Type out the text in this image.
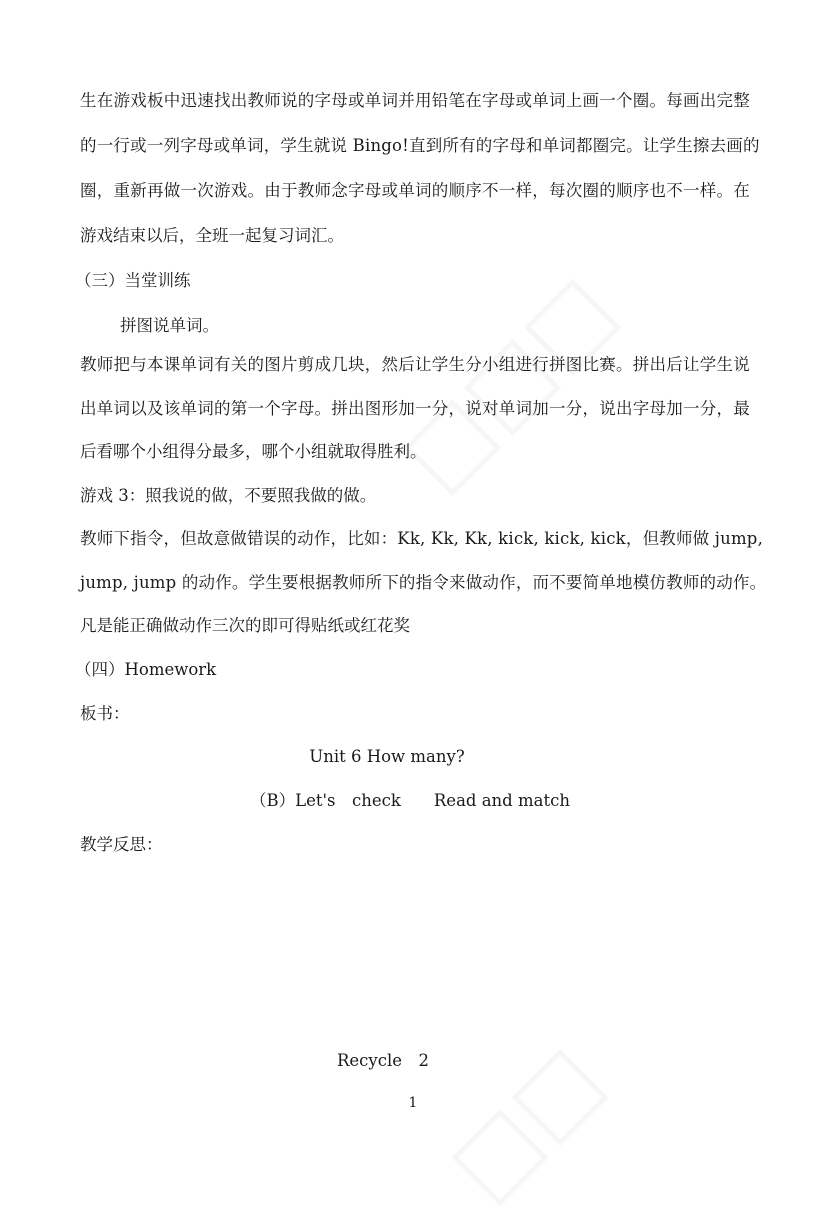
生在游戏板中迅速找出教师说的字母或单词并用铅笔在字母或单词上画一个圈。每画出完整
的一行或一列字母或单词，学生就说 Bingo!直到所有的字母和单词都圈完。让学生擦去画的
圈，重新再做一次游戏。由于教师念字母或单词的顺序不一样，每次圈的顺序也不一样。在
游戏结束以后，全班一起复习词汇。
（三）当堂训练
拼图说单词。
教师把与本课单词有关的图片剪成几块，然后让学生分小组进行拼图比赛。拼出后让学生说
出单词以及该单词的第一个字母。拼出图形加一分，说对单词加一分，说出字母加一分，最
后看哪个小组得分最多，哪个小组就取得胜利。
游戏 3：照我说的做，不要照我做的做。
教师下指令，但故意做错误的动作，比如：Kk, Kk, Kk, kick, kick, kick，但教师做 jump,
jump, jump 的动作。学生要根据教师所下的指令来做动作，而不要简单地模仿教师的动作。
凡是能正确做动作三次的即可得贴纸或红花奖
（四）Homework
板书：
Unit 6 How many?
（B）Let's　check　　Read and match
教学反思：
Recycle　2
1
